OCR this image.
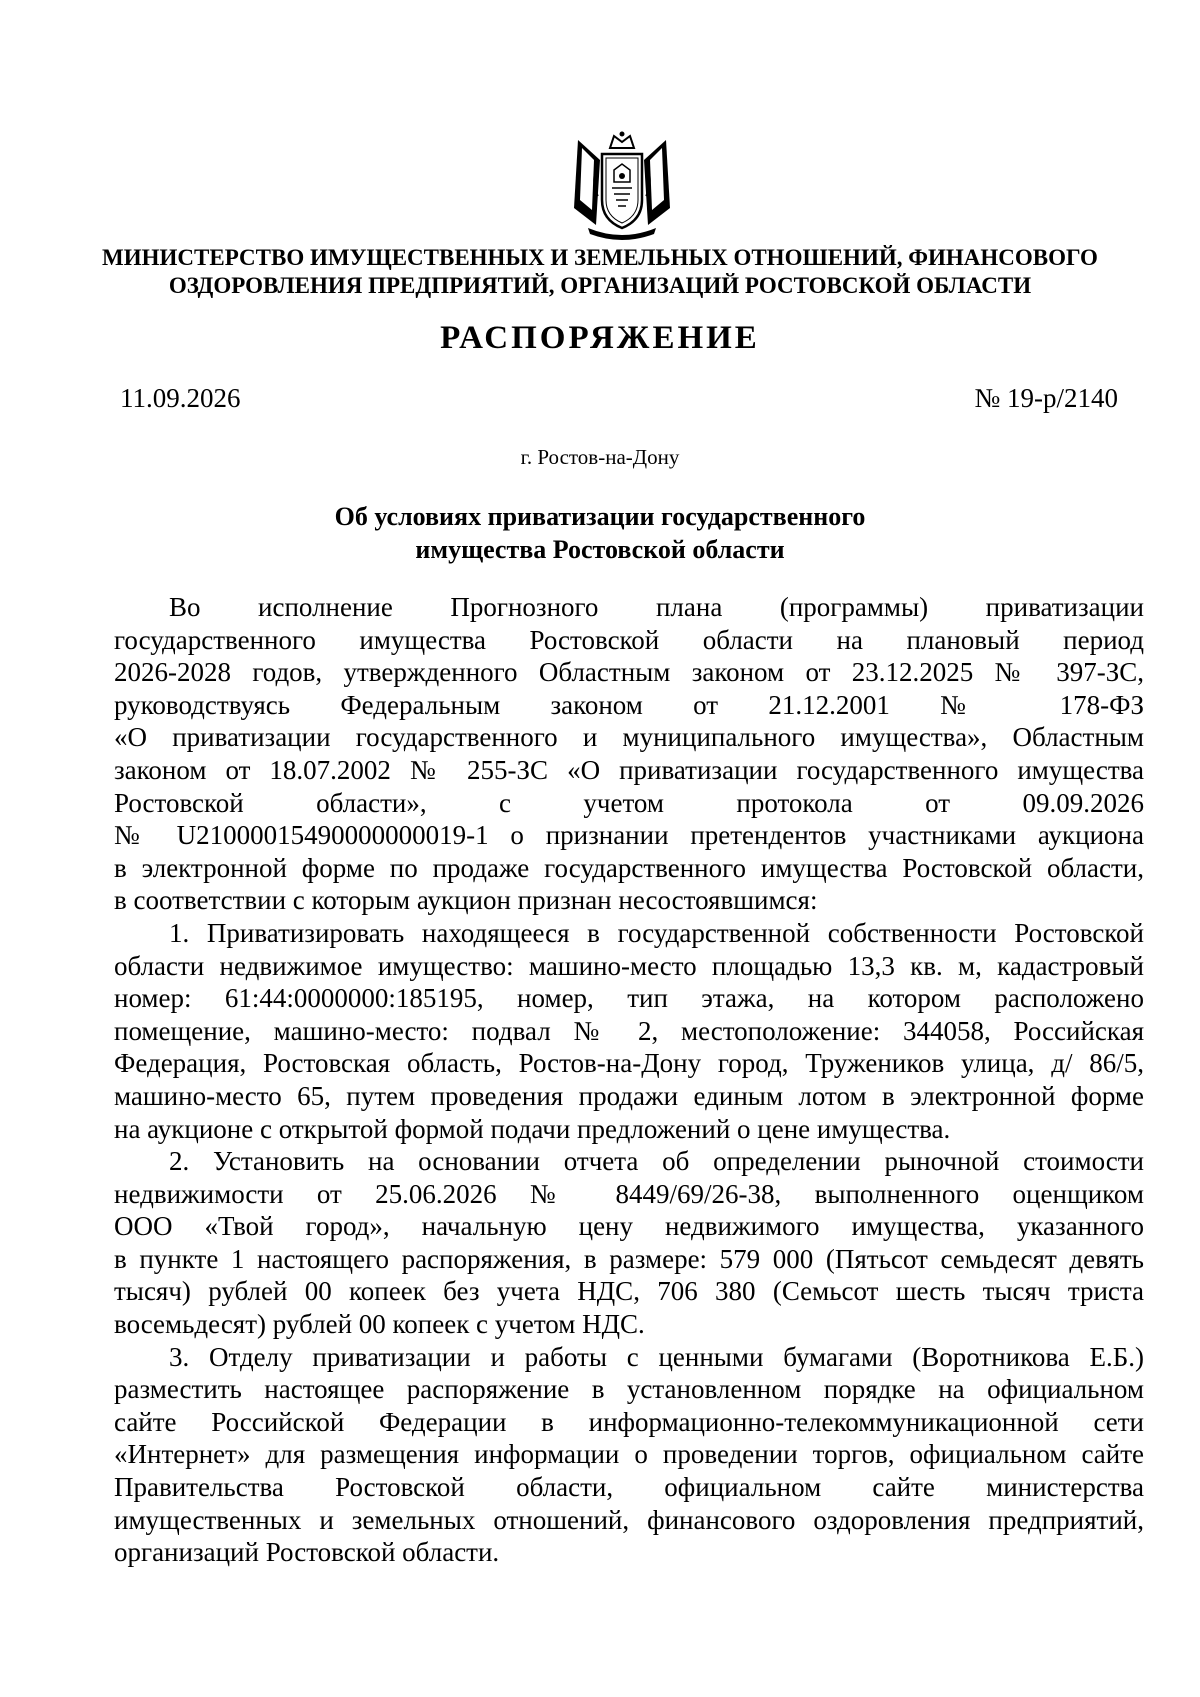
МИНИСТЕРСТВО ИМУЩЕСТВЕННЫХ И ЗЕМЕЛЬНЫХ ОТНОШЕНИЙ, ФИНАНСОВОГО
ОЗДОРОВЛЕНИЯ ПРЕДПРИЯТИЙ, ОРГАНИЗАЦИЙ РОСТОВСКОЙ ОБЛАСТИ
РАСПОРЯЖЕНИЕ
11.09.2026	№ 19-р/2140
г. Ростов-на-Дону
Об условиях приватизации государственного
имущества Ростовской области
Во исполнение Прогнозного плана (программы) приватизации
государственного имущества Ростовской области на плановый период
2026-2028 годов, утвержденного Областным законом от 23.12.2025 № 397-ЗС,
руководствуясь Федеральным законом от 21.12.2001 № 178-ФЗ
«О приватизации государственного и муниципального имущества», Областным
законом от 18.07.2002 № 255-ЗС «О приватизации государственного имущества
Ростовской области», с учетом протокола от 09.09.2026
№ U21000015490000000019-1 о признании претендентов участниками аукциона
в электронной форме по продаже государственного имущества Ростовской области,
в соответствии с которым аукцион признан несостоявшимся:
1. Приватизировать находящееся в государственной собственности Ростовской
области недвижимое имущество: машино-место площадью 13,3 кв. м, кадастровый
номер: 61:44:0000000:185195, номер, тип этажа, на котором расположено
помещение, машино-место: подвал № 2, местоположение: 344058, Российская
Федерация, Ростовская область, Ростов-на-Дону город, Тружеников улица, д/ 86/5,
машино-место 65, путем проведения продажи единым лотом в электронной форме
на аукционе с открытой формой подачи предложений о цене имущества.
2. Установить на основании отчета об определении рыночной стоимости
недвижимости от 25.06.2026 № 8449/69/26-38, выполненного оценщиком
ООО «Твой город», начальную цену недвижимого имущества, указанного
в пункте 1 настоящего распоряжения, в размере: 579 000 (Пятьсот семьдесят девять
тысяч) рублей 00 копеек без учета НДС, 706 380 (Семьсот шесть тысяч триста
восемьдесят) рублей 00 копеек с учетом НДС.
3. Отделу приватизации и работы с ценными бумагами (Воротникова Е.Б.)
разместить настоящее распоряжение в установленном порядке на официальном
сайте Российской Федерации в информационно-телекоммуникационной сети
«Интернет» для размещения информации о проведении торгов, официальном сайте
Правительства Ростовской области, официальном сайте министерства
имущественных и земельных отношений, финансового оздоровления предприятий,
организаций Ростовской области.
